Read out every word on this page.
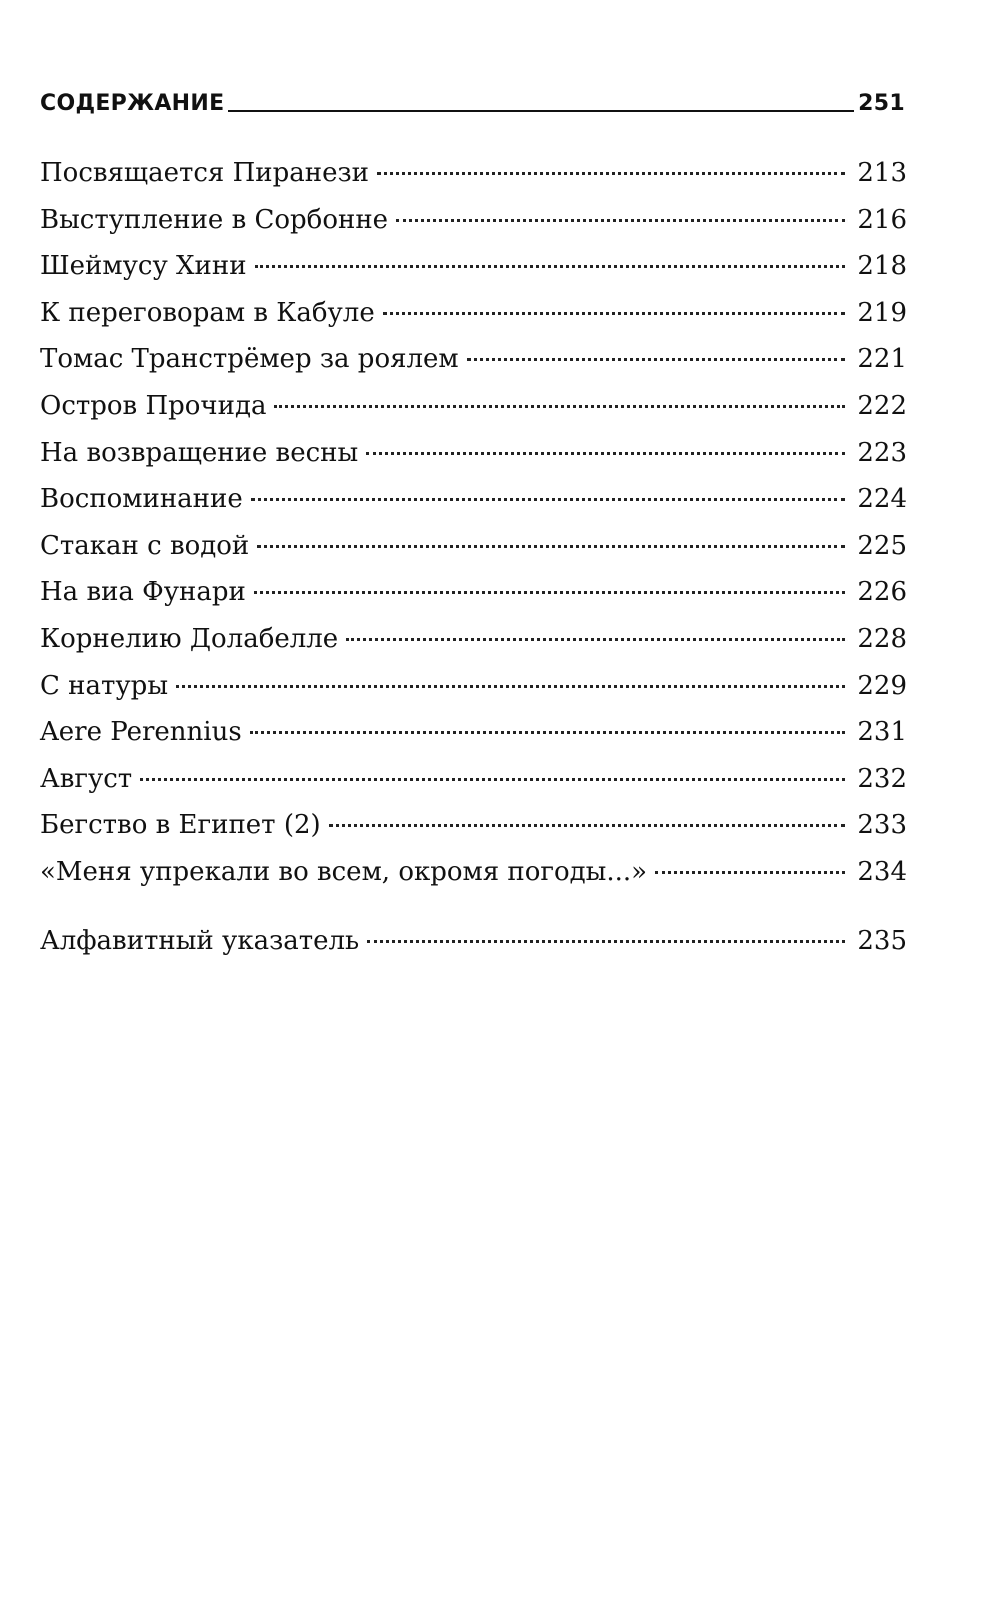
СОДЕРЖАНИЕ	251
Посвящается Пиранези	213
Выступление в Сорбонне	216
Шеймусу Хини	218
К переговорам в Кабуле	219
Томас Транстрёмер за роялем	221
Остров Прочида	222
На возвращение весны	223
Воспоминание	224
Стакан с водой	225
На виа Фунари	226
Корнелию Долабелле	228
С натуры	229
Aere Perennius	231
Август	232
Бегство в Египет (2)	233
«Меня упрекали во всем, окромя погоды...»	234
Алфавитный указатель	235
